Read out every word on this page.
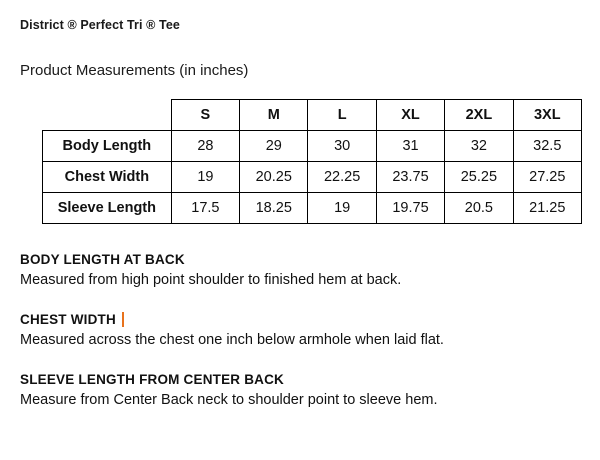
District ® Perfect Tri ® Tee
Product Measurements (in inches)
	S	M	L	XL	2XL	3XL
Body Length	28	29	30	31	32	32.5
Chest Width	19	20.25	22.25	23.75	25.25	27.25
Sleeve Length	17.5	18.25	19	19.75	20.5	21.25
BODY LENGTH AT BACK
Measured from high point shoulder to finished hem at back.
CHEST WIDTH
Measured across the chest one inch below armhole when laid flat.
SLEEVE LENGTH FROM CENTER BACK
Measure from Center Back neck to shoulder point to sleeve hem.
